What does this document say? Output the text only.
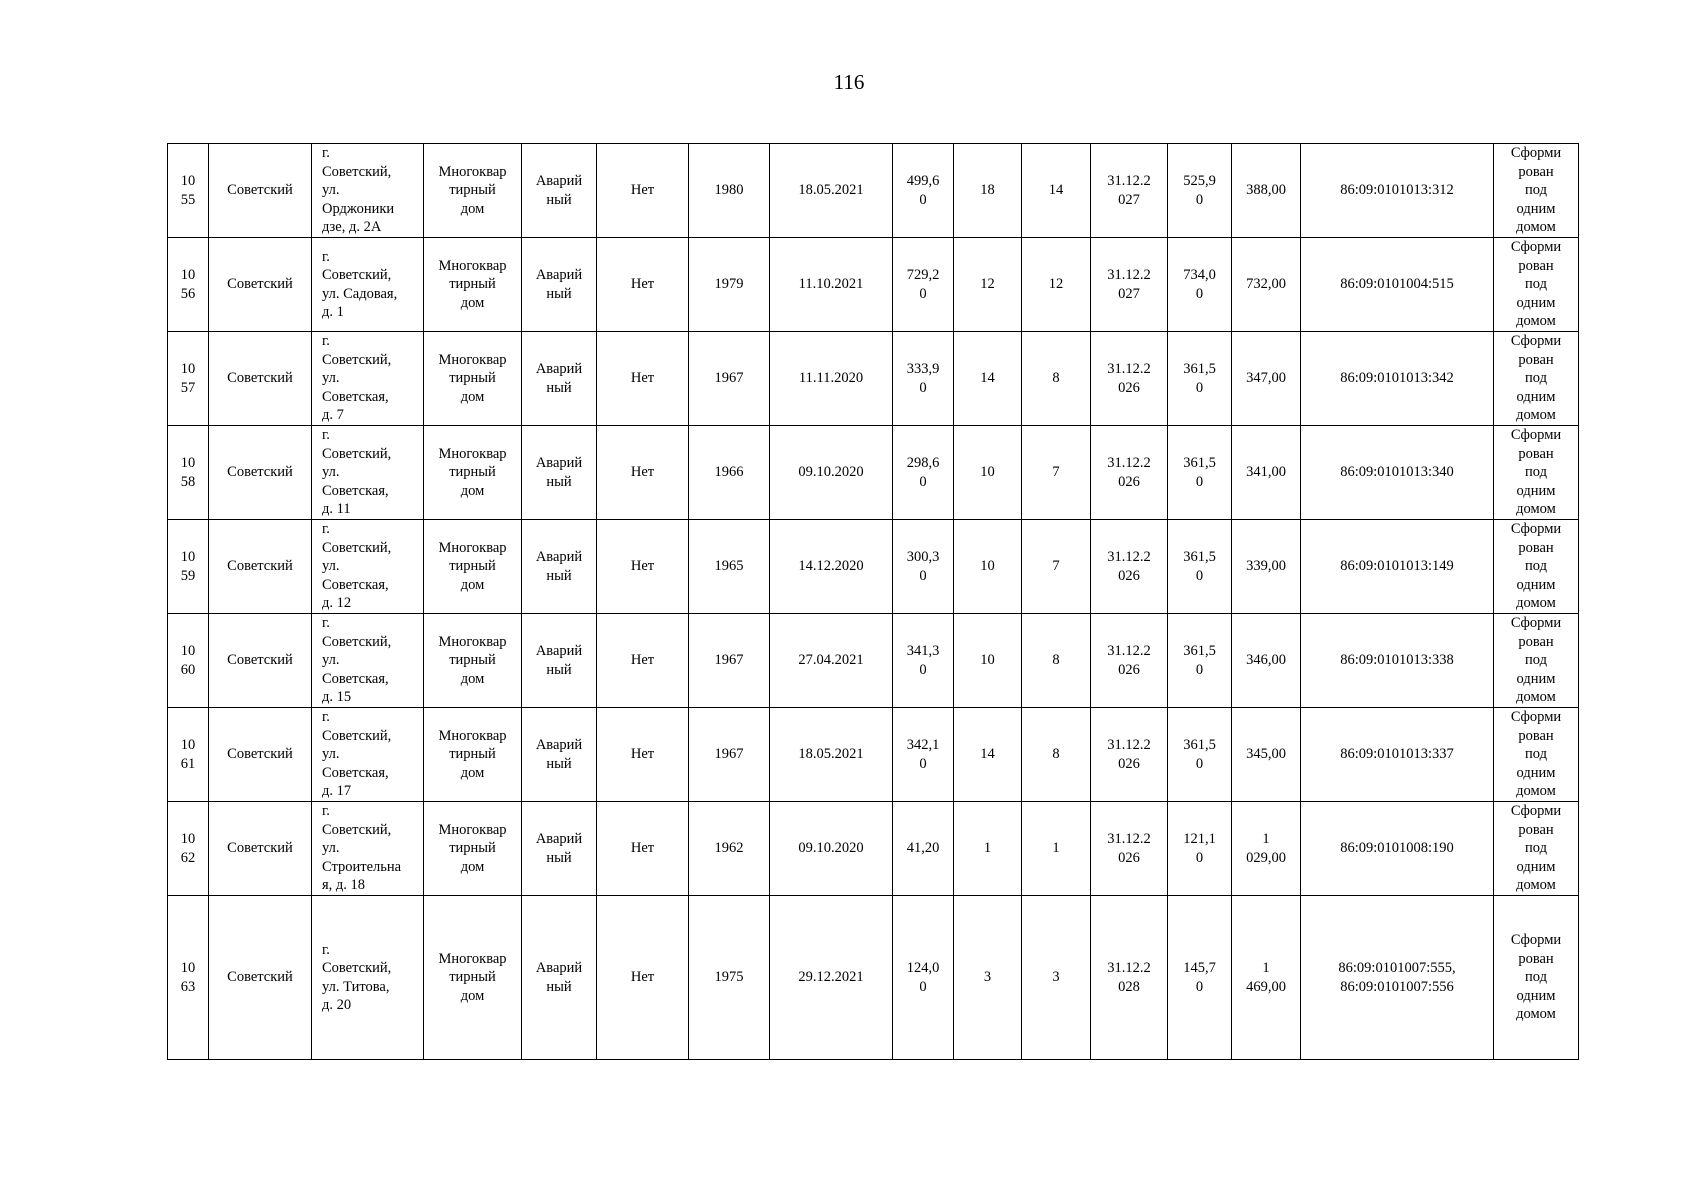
116
10
55	Советский	г.
Советский,
ул.
Орджоники
дзе, д. 2А	Многоквар
тирный
дом	Аварий
ный	Нет	1980	18.05.2021	499,6
0	18	14	31.12.2
027	525,9
0	388,00	86:09:0101013:312	Сформи
рован
под
одним
домом
10
56	Советский	г.
Советский,
ул. Садовая,
д. 1	Многоквар
тирный
дом	Аварий
ный	Нет	1979	11.10.2021	729,2
0	12	12	31.12.2
027	734,0
0	732,00	86:09:0101004:515	Сформи
рован
под
одним
домом
10
57	Советский	г.
Советский,
ул.
Советская,
д. 7	Многоквар
тирный
дом	Аварий
ный	Нет	1967	11.11.2020	333,9
0	14	8	31.12.2
026	361,5
0	347,00	86:09:0101013:342	Сформи
рован
под
одним
домом
10
58	Советский	г.
Советский,
ул.
Советская,
д. 11	Многоквар
тирный
дом	Аварий
ный	Нет	1966	09.10.2020	298,6
0	10	7	31.12.2
026	361,5
0	341,00	86:09:0101013:340	Сформи
рован
под
одним
домом
10
59	Советский	г.
Советский,
ул.
Советская,
д. 12	Многоквар
тирный
дом	Аварий
ный	Нет	1965	14.12.2020	300,3
0	10	7	31.12.2
026	361,5
0	339,00	86:09:0101013:149	Сформи
рован
под
одним
домом
10
60	Советский	г.
Советский,
ул.
Советская,
д. 15	Многоквар
тирный
дом	Аварий
ный	Нет	1967	27.04.2021	341,3
0	10	8	31.12.2
026	361,5
0	346,00	86:09:0101013:338	Сформи
рован
под
одним
домом
10
61	Советский	г.
Советский,
ул.
Советская,
д. 17	Многоквар
тирный
дом	Аварий
ный	Нет	1967	18.05.2021	342,1
0	14	8	31.12.2
026	361,5
0	345,00	86:09:0101013:337	Сформи
рован
под
одним
домом
10
62	Советский	г.
Советский,
ул.
Строительна
я, д. 18	Многоквар
тирный
дом	Аварий
ный	Нет	1962	09.10.2020	41,20	1	1	31.12.2
026	121,1
0	1
029,00	86:09:0101008:190	Сформи
рован
под
одним
домом
10
63	Советский	г.
Советский,
ул. Титова,
д. 20	Многоквар
тирный
дом	Аварий
ный	Нет	1975	29.12.2021	124,0
0	3	3	31.12.2
028	145,7
0	1
469,00	86:09:0101007:555,
86:09:0101007:556	Сформи
рован
под
одним
домом
